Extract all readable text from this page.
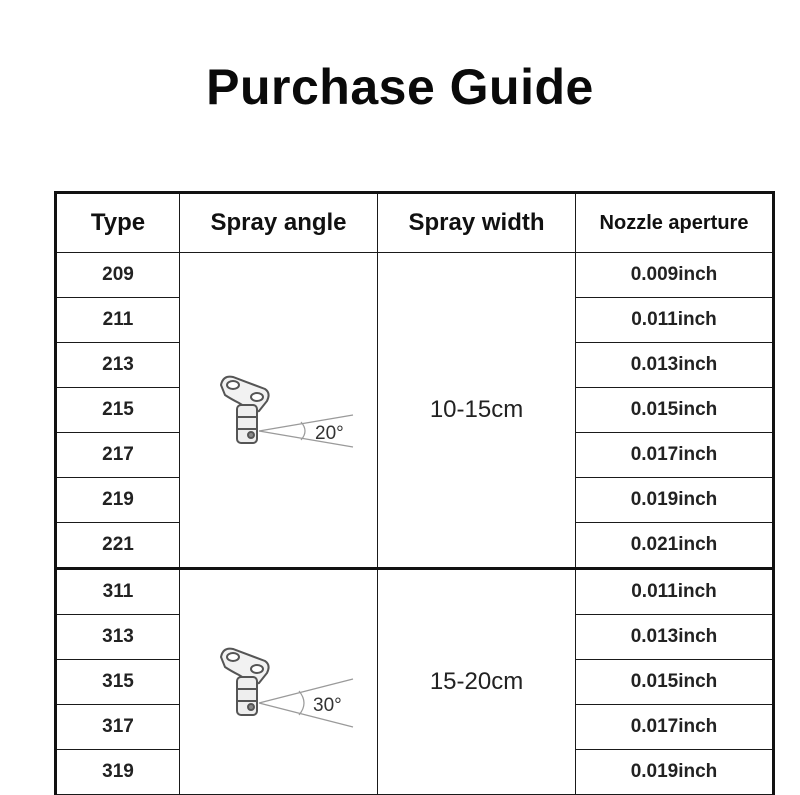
Purchase Guide
Type	Spray angle	Spray width	Nozzle aperture
209	20°	10-15cm	0.009inch
211			0.011inch
213			0.013inch
215			0.015inch
217			0.017inch
219			0.019inch
221			0.021inch
311	30°	15-20cm	0.011inch
313			0.013inch
315			0.015inch
317			0.017inch
319			0.019inch
